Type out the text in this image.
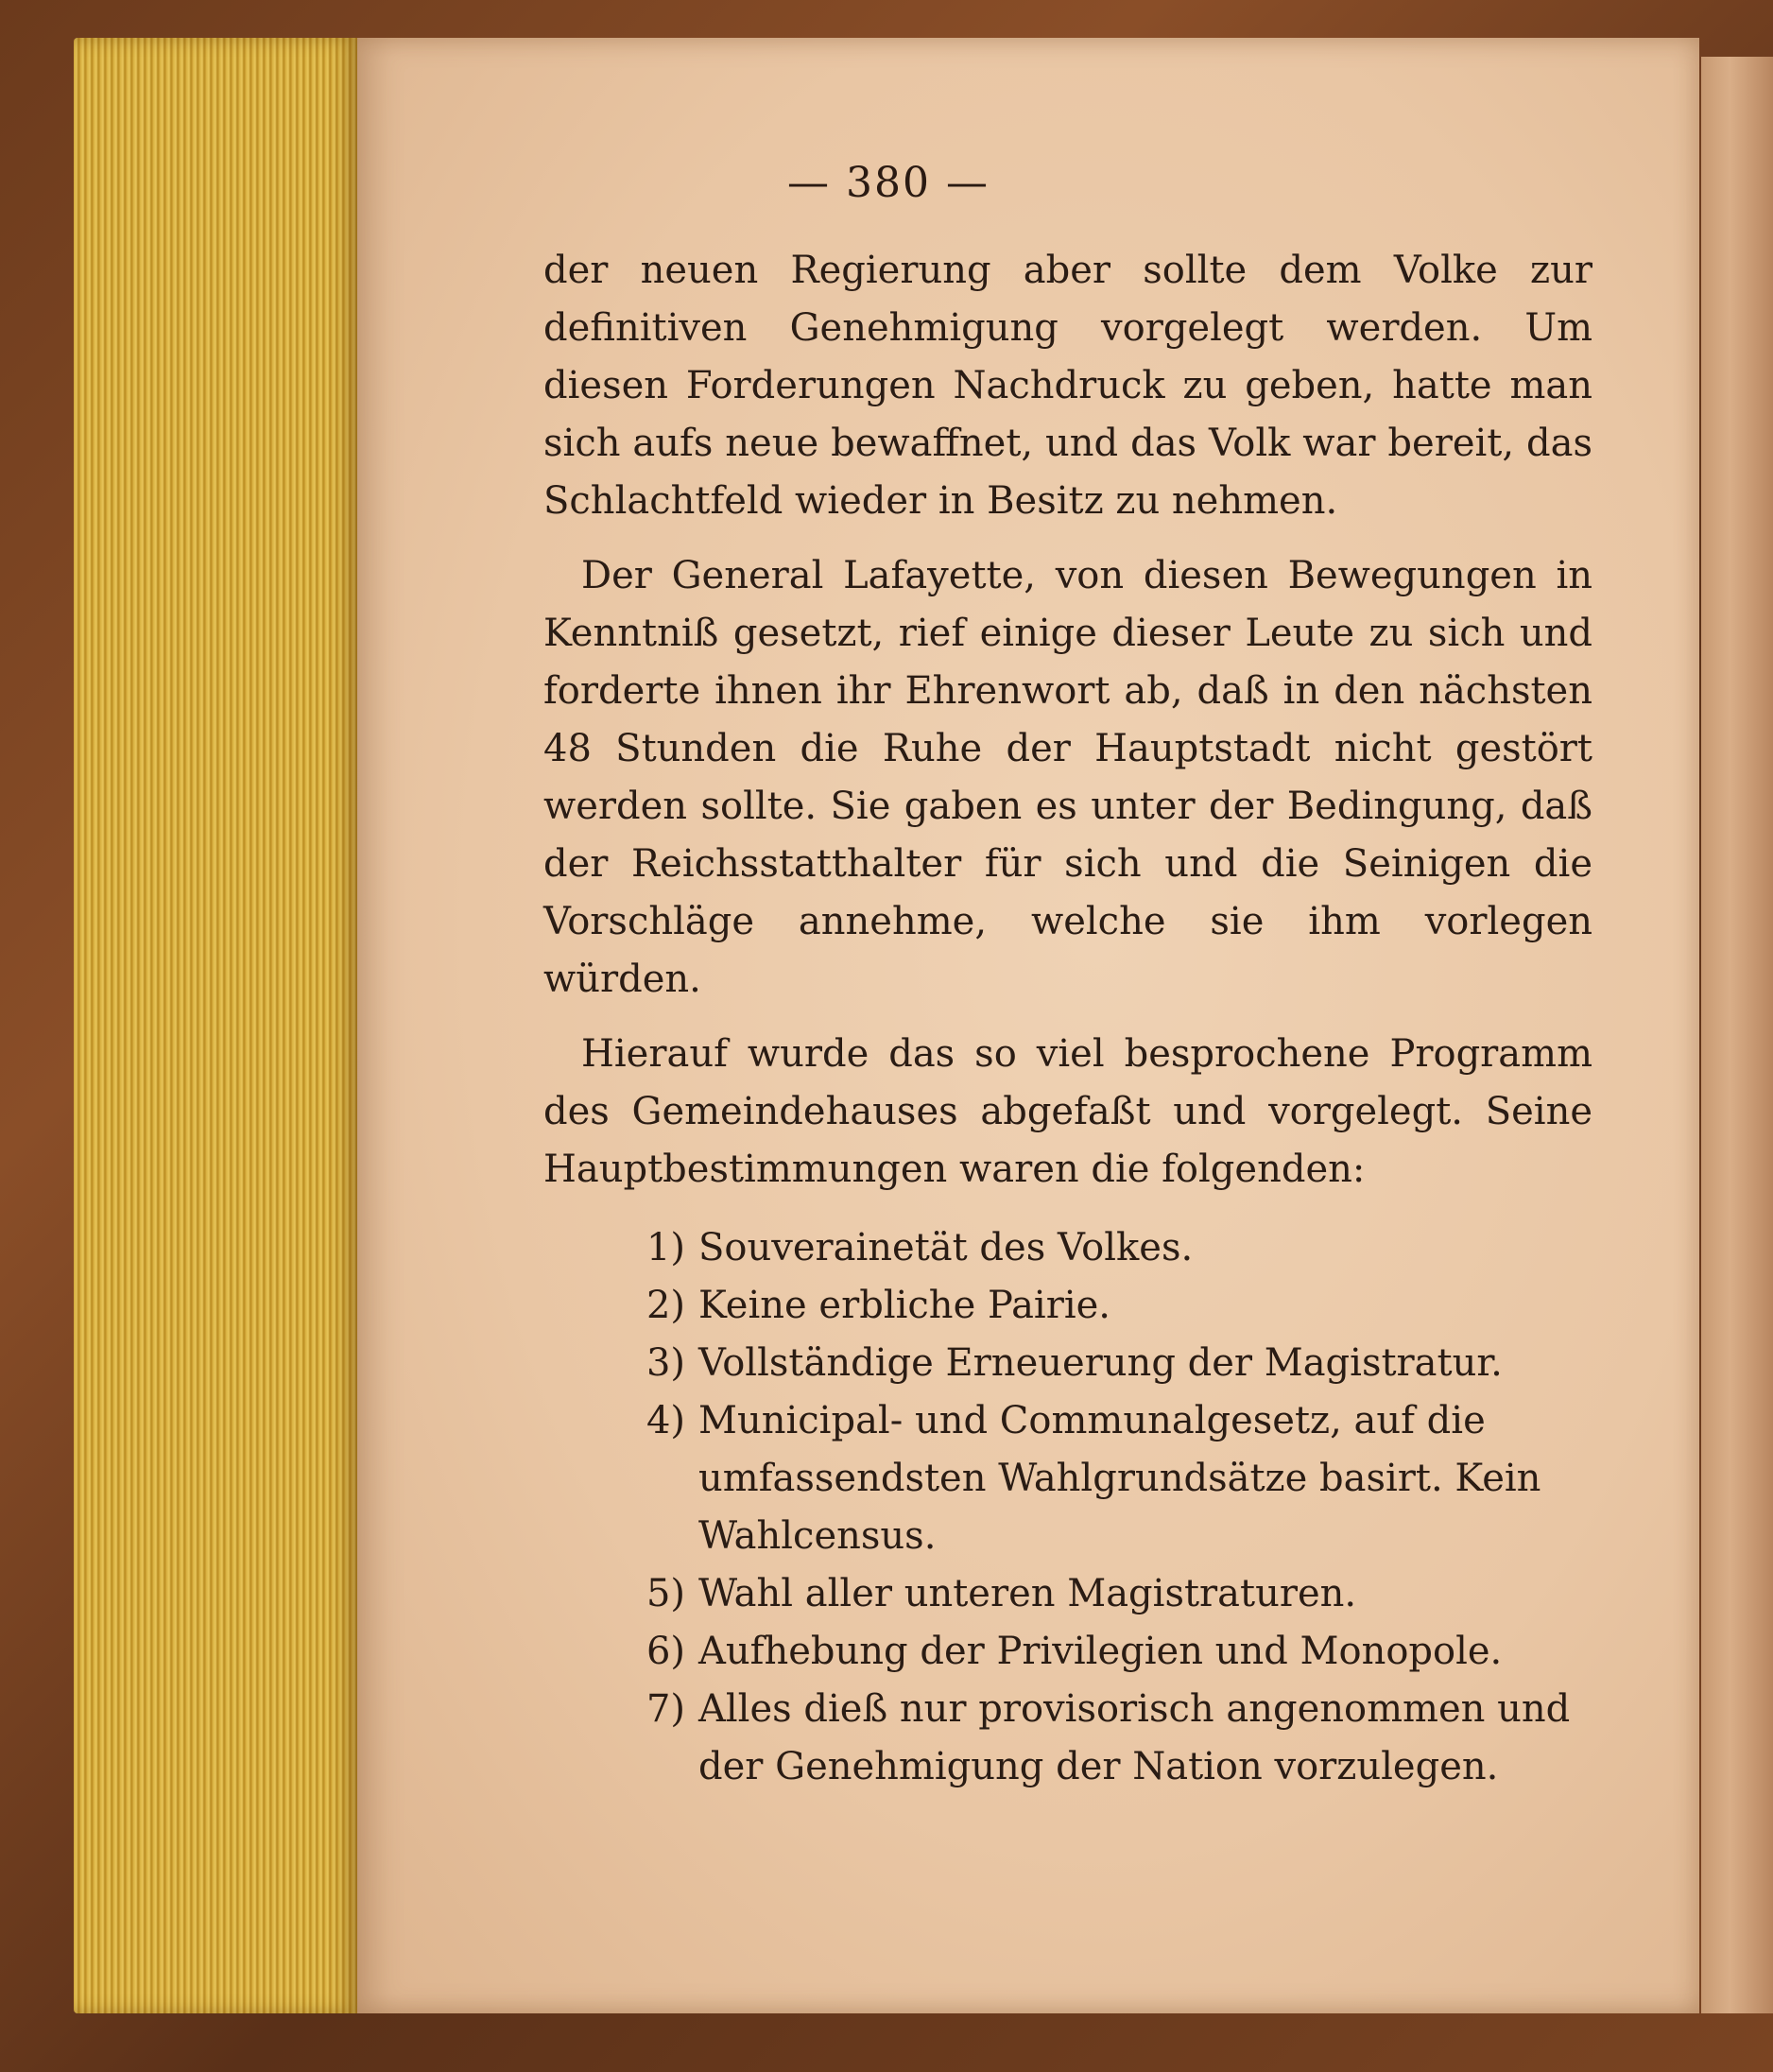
— 380 —

der neuen Regierung aber sollte dem Volke zur definitiven Genehmigung vorgelegt werden. Um diesen Forderungen Nachdruck zu geben, hatte man sich aufs neue bewaffnet, und das Volk war bereit, das Schlachtfeld wieder in Besitz zu nehmen.

Der General Lafayette, von diesen Bewegungen in Kenntniß gesetzt, rief einige dieser Leute zu sich und forderte ihnen ihr Ehrenwort ab, daß in den nächsten 48 Stunden die Ruhe der Hauptstadt nicht gestört werden sollte. Sie gaben es unter der Bedingung, daß der Reichsstatthalter für sich und die Seinigen die Vorschläge annehme, welche sie ihm vorlegen würden.

Hierauf wurde das so viel besprochene Programm des Gemeindehauses abgefaßt und vorgelegt. Seine Hauptbestimmungen waren die folgenden:

1) Souverainetät des Volkes.
2) Keine erbliche Pairie.
3) Vollständige Erneuerung der Magistratur.
4) Municipal- und Communalgesetz, auf die umfassendsten Wahlgrundsätze basirt. Kein Wahlcensus.
5) Wahl aller unteren Magistraturen.
6) Aufhebung der Privilegien und Monopole.
7) Alles dieß nur provisorisch angenommen und der Genehmigung der Nation vorzulegen.
